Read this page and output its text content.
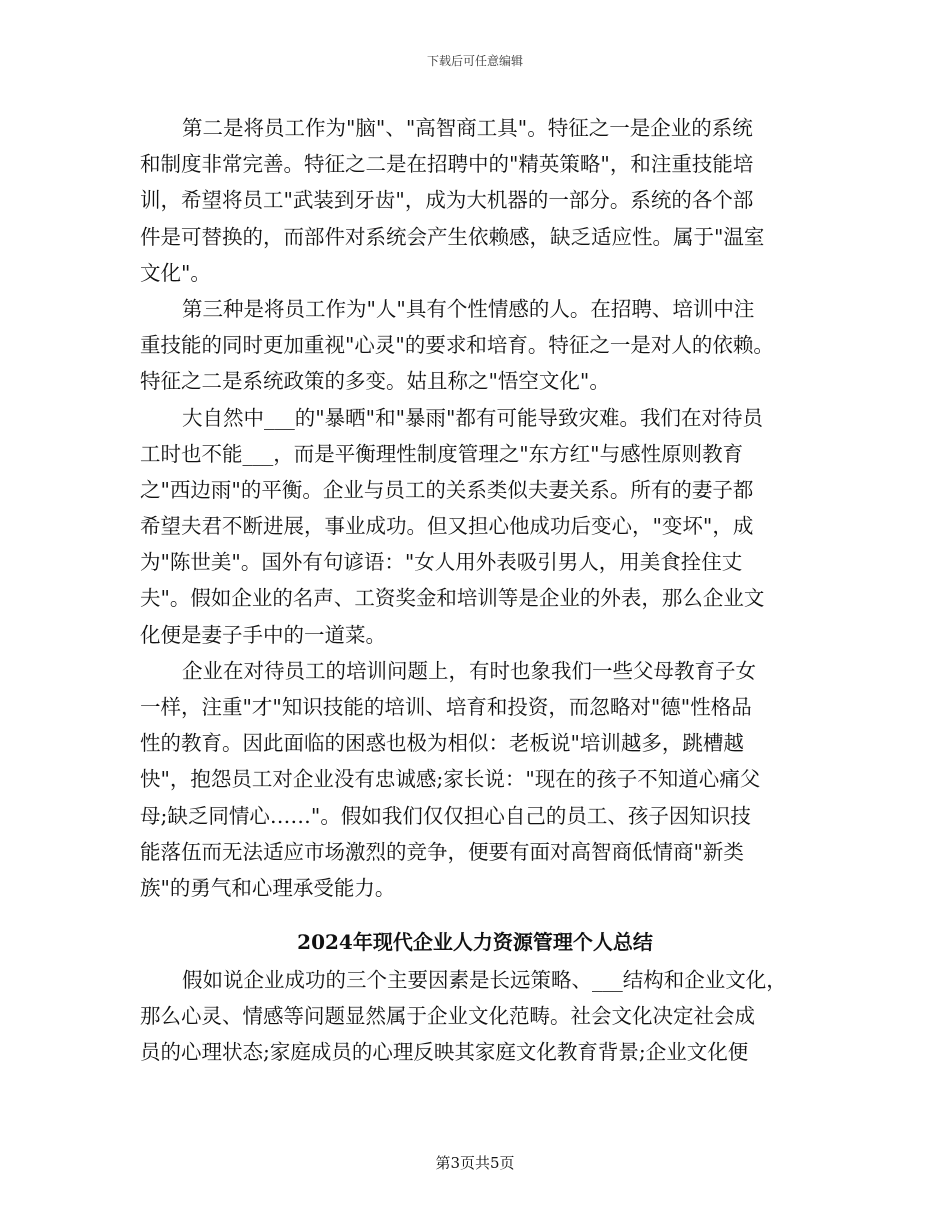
下载后可任意编辑
第二是将员工作为"脑"、"高智商工具"。特征之一是企业的系统
和制度非常完善。特征之二是在招聘中的"精英策略"，和注重技能培
训，希望将员工"武装到牙齿"，成为大机器的一部分。系统的各个部
件是可替换的，而部件对系统会产生依赖感，缺乏适应性。属于"温室
文化"。
第三种是将员工作为"人"具有个性情感的人。在招聘、培训中注
重技能的同时更加重视"心灵"的要求和培育。特征之一是对人的依赖。
特征之二是系统政策的多变。姑且称之"悟空文化"。
大自然中___的"暴晒"和"暴雨"都有可能导致灾难。我们在对待员
工时也不能___，而是平衡理性制度管理之"东方红"与感性原则教育
之"西边雨"的平衡。企业与员工的关系类似夫妻关系。所有的妻子都
希望夫君不断进展，事业成功。但又担心他成功后变心，"变坏"，成
为"陈世美"。国外有句谚语："女人用外表吸引男人，用美食拴住丈
夫"。假如企业的名声、工资奖金和培训等是企业的外表，那么企业文
化便是妻子手中的一道菜。
企业在对待员工的培训问题上，有时也象我们一些父母教育子女
一样，注重"才"知识技能的培训、培育和投资，而忽略对"德"性格品
性的教育。因此面临的困惑也极为相似：老板说"培训越多，跳槽越
快"，抱怨员工对企业没有忠诚感;家长说："现在的孩子不知道心痛父
母;缺乏同情心……"。假如我们仅仅担心自己的员工、孩子因知识技
能落伍而无法适应市场激烈的竞争，便要有面对高智商低情商"新类
族"的勇气和心理承受能力。
2024年现代企业人力资源管理个人总结
假如说企业成功的三个主要因素是长远策略、___结构和企业文化，
那么心灵、情感等问题显然属于企业文化范畴。社会文化决定社会成
员的心理状态;家庭成员的心理反映其家庭文化教育背景;企业文化便
第3页共5页
